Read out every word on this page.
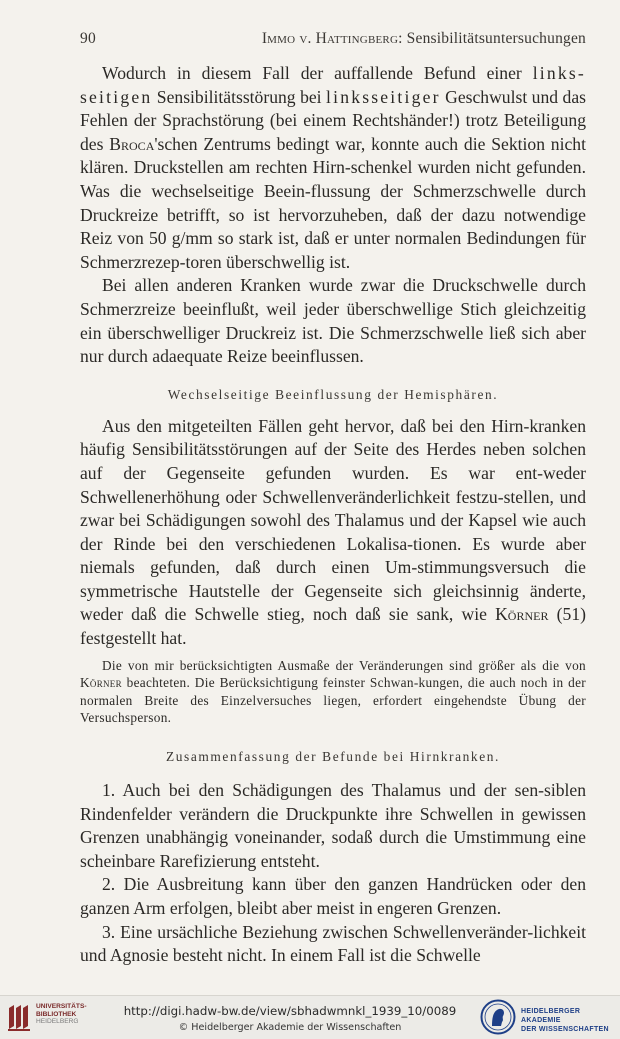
90	Immo v. Hattingberg: Sensibilitätsuntersuchungen

Wodurch in diesem Fall der auffallende Befund einer links-seitigen Sensibilitätsstörung bei linksseitiger Geschwulst und das Fehlen der Sprachstörung (bei einem Rechtshänder!) trotz Beteiligung des Broca'schen Zentrums bedingt war, konnte auch die Sektion nicht klären. Druckstellen am rechten Hirn-schenkel wurden nicht gefunden. Was die wechselseitige Beein-flussung der Schmerzschwelle durch Druckreize betrifft, so ist hervorzuheben, daß der dazu notwendige Reiz von 50 g/mm so stark ist, daß er unter normalen Bedindungen für Schmerzrezep-toren überschwellig ist.

Bei allen anderen Kranken wurde zwar die Druckschwelle durch Schmerzreize beeinflußt, weil jeder überschwellige Stich gleichzeitig ein überschwelliger Druckreiz ist. Die Schmerzschwelle ließ sich aber nur durch adaequate Reize beeinflussen.

Wechselseitige Beeinflussung der Hemisphären.

Aus den mitgeteilten Fällen geht hervor, daß bei den Hirn-kranken häufig Sensibilitätsstörungen auf der Seite des Herdes neben solchen auf der Gegenseite gefunden wurden. Es war ent-weder Schwellenerhöhung oder Schwellenveränderlichkeit festzu-stellen, und zwar bei Schädigungen sowohl des Thalamus und der Kapsel wie auch der Rinde bei den verschiedenen Lokalisa-tionen. Es wurde aber niemals gefunden, daß durch einen Um-stimmungsversuch die symmetrische Hautstelle der Gegenseite sich gleichsinnig änderte, weder daß die Schwelle stieg, noch daß sie sank, wie Körner (51) festgestellt hat.

Die von mir berücksichtigten Ausmaße der Veränderungen sind größer als die von Körner beachteten. Die Berücksichtigung feinster Schwan-kungen, die auch noch in der normalen Breite des Einzelversuches liegen, erfordert eingehendste Übung der Versuchsperson.

Zusammenfassung der Befunde bei Hirnkranken.

1. Auch bei den Schädigungen des Thalamus und der sen-siblen Rindenfelder verändern die Druckpunkte ihre Schwellen in gewissen Grenzen unabhängig voneinander, sodaß durch die Umstimmung eine scheinbare Rarefizierung entsteht.

2. Die Ausbreitung kann über den ganzen Handrücken oder den ganzen Arm erfolgen, bleibt aber meist in engeren Grenzen.

3. Eine ursächliche Beziehung zwischen Schwellenveränder-lichkeit und Agnosie besteht nicht. In einem Fall ist die Schwelle

UNIVERSITÄTS-
BIBLIOTHEK
HEIDELBERG
http://digi.hadw-bw.de/view/sbhadwmnkl_1939_10/0089
© Heidelberger Akademie der Wissenschaften
HEIDELBERGER AKADEMIE
DER WISSENSCHAFTEN
